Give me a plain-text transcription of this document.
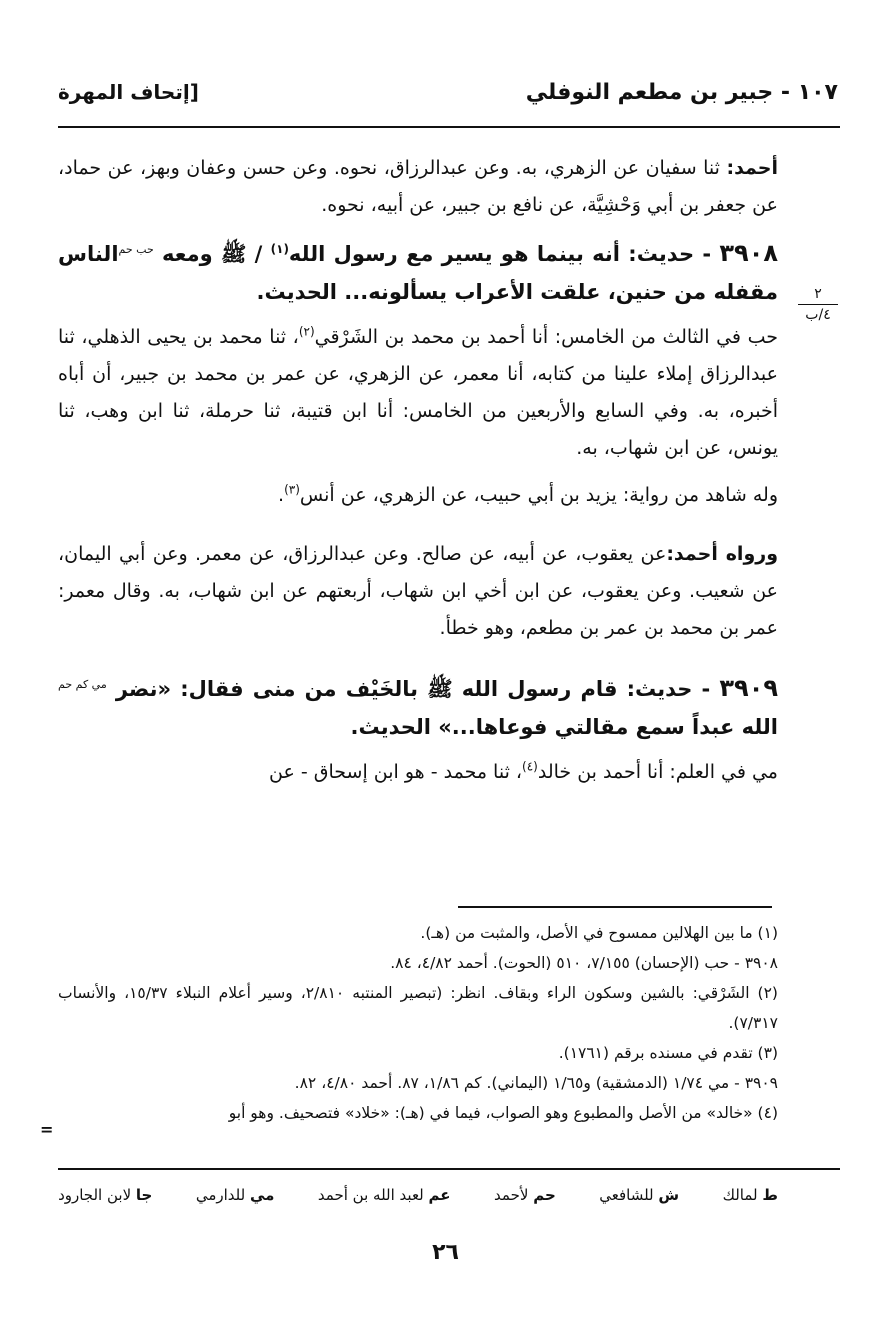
١٠٧ - جبير بن مطعم النوفلي
[إتحاف المهرة
٢
٤/ب

أحمد: ثنا سفيان عن الزهري، به. وعن عبدالرزاق، نحوه. وعن حسن وعفان وبهز، عن حماد، عن جعفر بن أبي وَحْشِيَّة، عن نافع بن جبير، عن أبيه، نحوه.

٣٩٠٨ - حديث: أنه بينما هو يسير مع رسول الله$^{(١)}$ / ﷺ ومعه حب حمالناس مقفله من حنين، علقت الأعراب يسألونه... الحديث.

حب في الثالث من الخامس: أنا أحمد بن محمد بن الشَرْقي$^{(٢)}$، ثنا محمد بن يحيى الذهلي، ثنا عبدالرزاق إملاء علينا من كتابه، أنا معمر، عن الزهري، عن عمر بن محمد بن جبير، أن أباه أخبره، به. وفي السابع والأربعين من الخامس: أنا ابن قتيبة، ثنا حرملة، ثنا ابن وهب، ثنا يونس، عن ابن شهاب، به.

وله شاهد من رواية: يزيد بن أبي حبيب، عن الزهري، عن أنس$^{(٣)}$.

ورواه أحمد:عن يعقوب، عن أبيه، عن صالح. وعن عبدالرزاق، عن معمر. وعن أبي اليمان، عن شعيب. وعن يعقوب، عن ابن أخي ابن شهاب، أربعتهم عن ابن شهاب، به. وقال معمر: عمر بن محمد بن عمر بن مطعم، وهو خطأ.

٣٩٠٩ - حديث: قام رسول الله ﷺ بالخَيْف من منى فقال: «نضر مي كم حمالله عبداً سمع مقالتي فوعاها...» الحديث.

مي في العلم: أنا أحمد بن خالد$^{(٤)}$، ثنا محمد - هو ابن إسحاق - عن

(١) ما بين الهلالين ممسوح في الأصل، والمثبت من (هـ).

٣٩٠٨ - حب (الإحسان) ٧/١٥٥، ٥١٠ (الحوت). أحمد ٤/٨٢، ٨٤.

(٢) الشَرْقي: بالشين وسكون الراء وبقاف. انظر: (تبصير المنتبه ٢/٨١٠، وسير أعلام النبلاء ١٥/٣٧، والأنساب ٧/٣١٧).

(٣) تقدم في مسنده برقم (١٧٦١).

٣٩٠٩ - مي ١/٧٤ (الدمشقية) و١/٦٥ (اليماني). كم ١/٨٦، ٨٧. أحمد ٤/٨٠، ٨٢.

(٤) «خالد» من الأصل والمطبوع وهو الصواب، فيما في (هـ): «خلاد» فتصحيف. وهو أبو

=
ط لمالك
ش للشافعي
حم لأحمد
عم لعبد الله بن أحمد
مي للدارمي
جا لابن الجارود
٢٦
